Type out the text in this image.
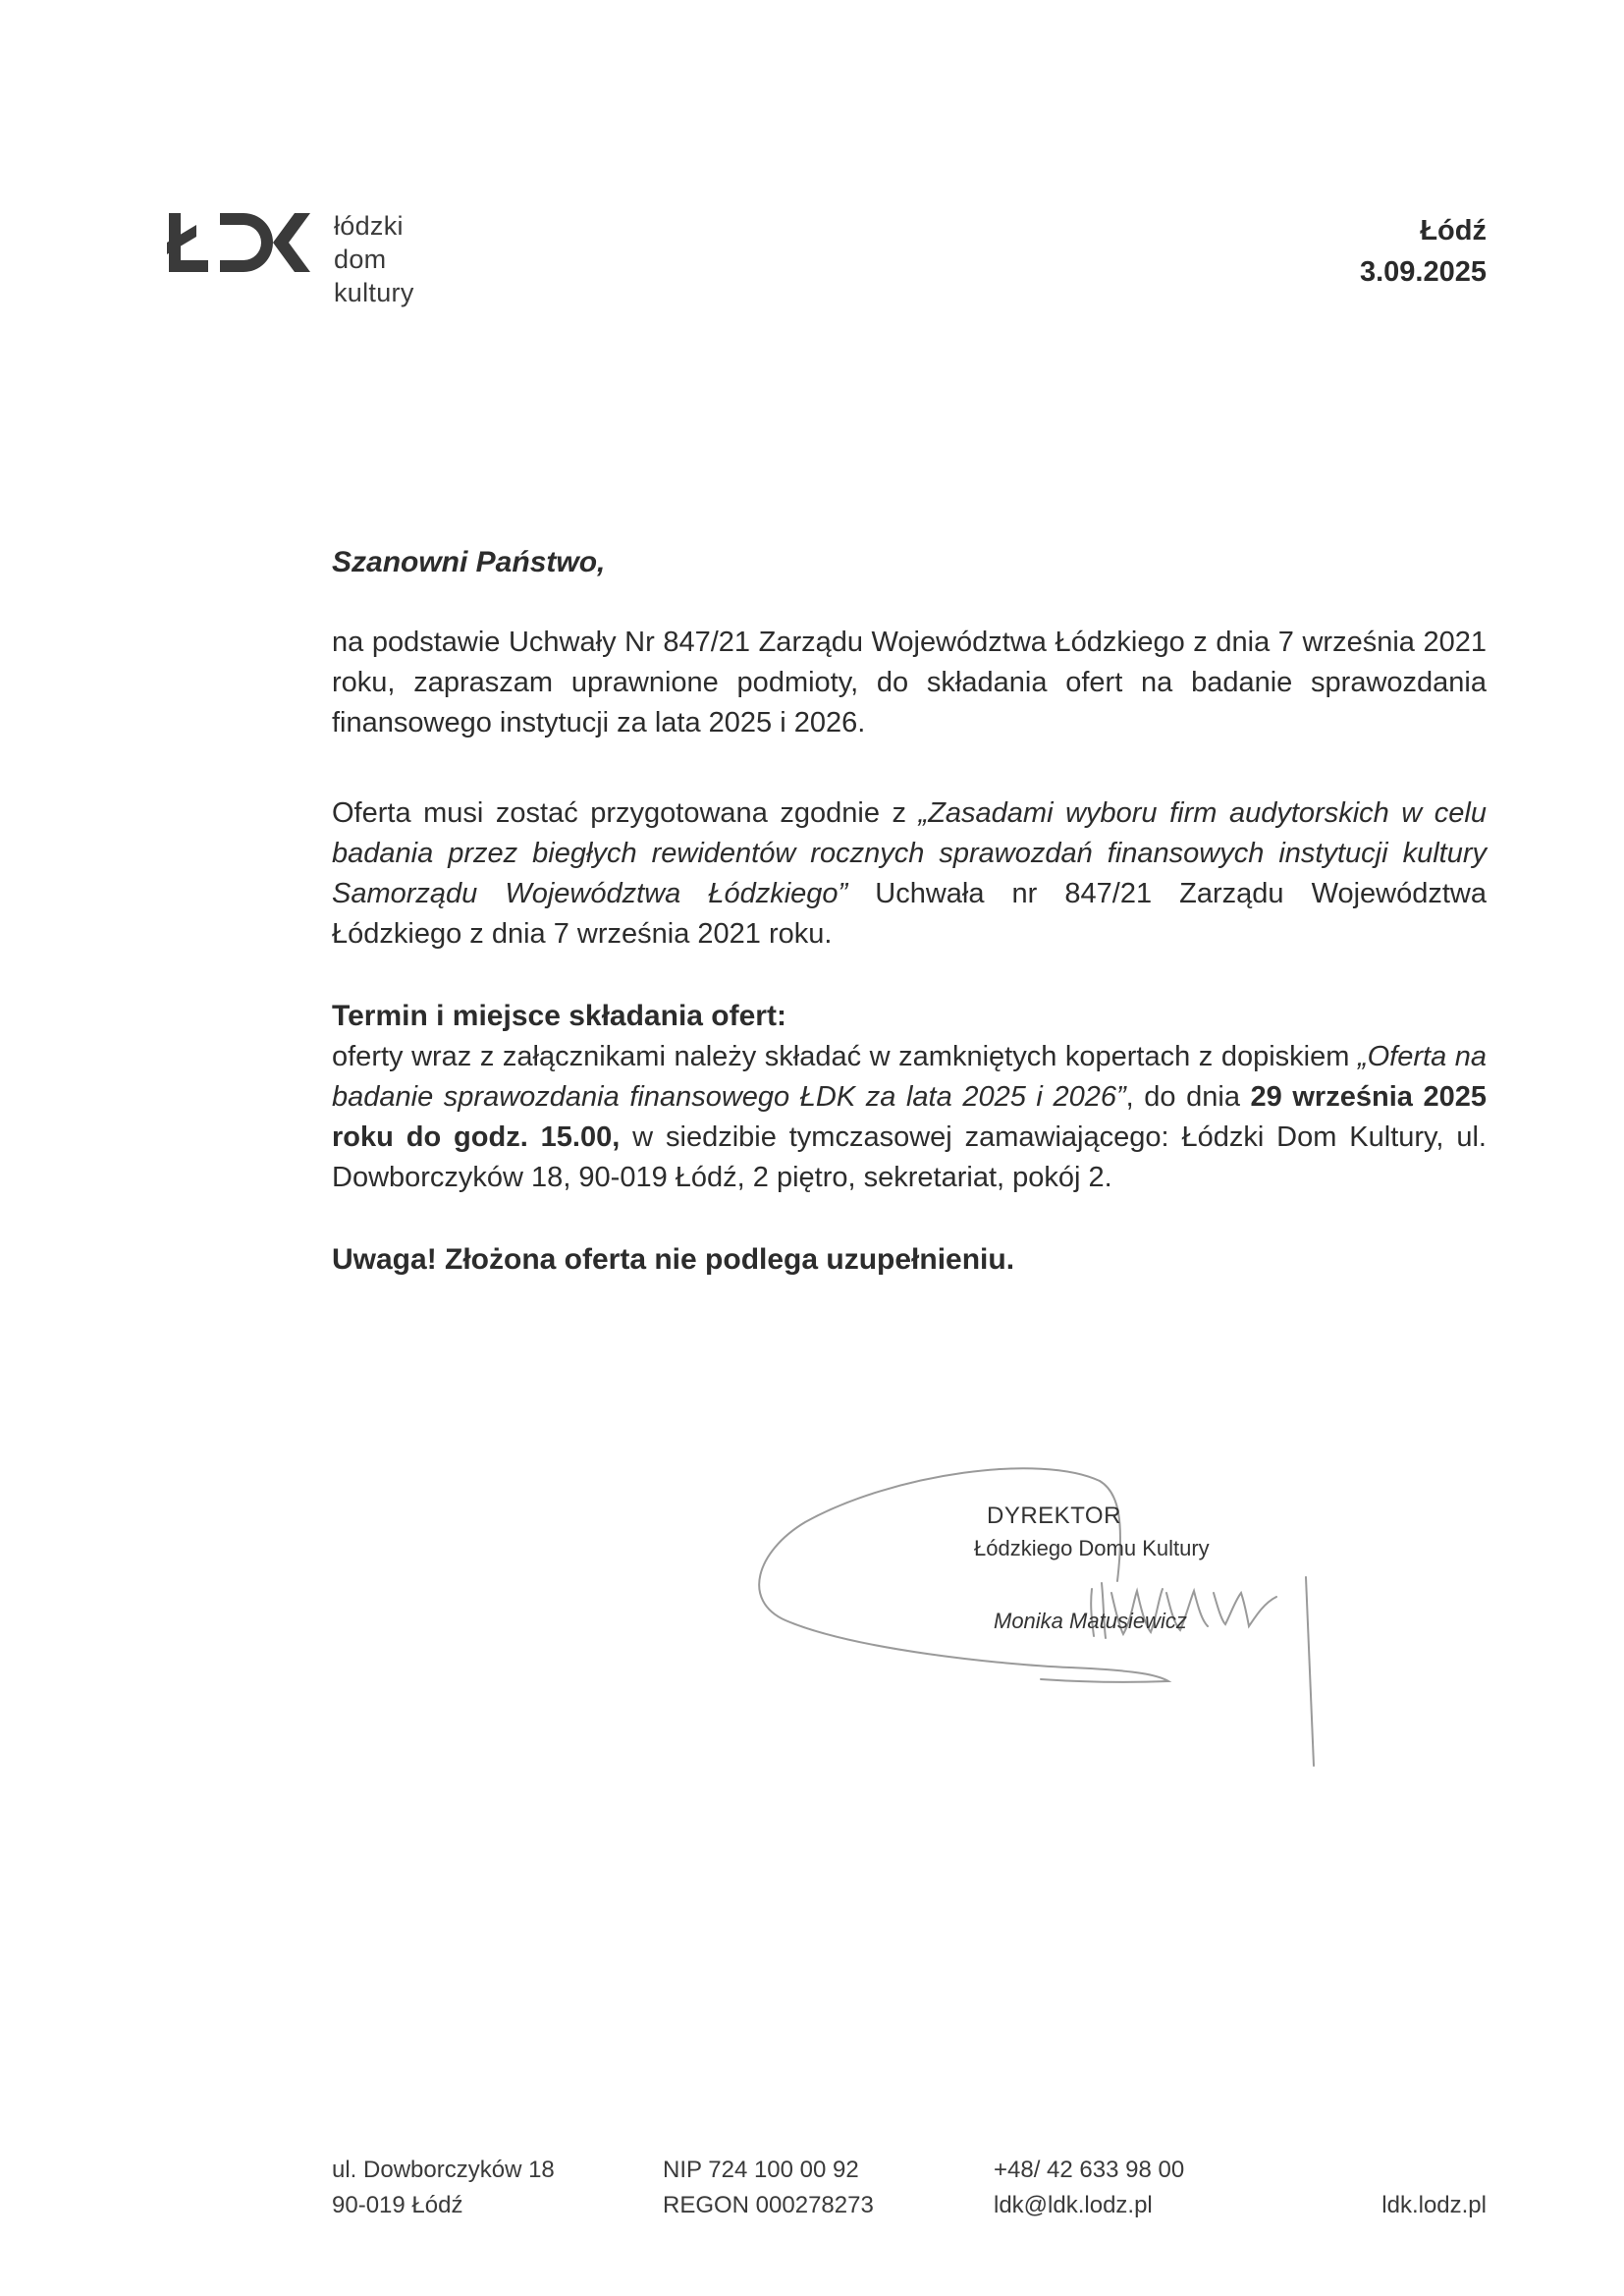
łódzki
dom kultury
Łódź
3.09.2025
Szanowni Państwo,
na podstawie Uchwały Nr 847/21 Zarządu Województwa Łódzkiego z dnia 7 września 2021 roku, zapraszam uprawnione podmioty, do składania ofert na badanie sprawozdania finansowego instytucji za lata 2025 i 2026.
Oferta musi zostać przygotowana zgodnie z „Zasadami wyboru firm audytorskich w celu badania przez biegłych rewidentów rocznych sprawozdań finansowych instytucji kultury Samorządu Województwa Łódzkiego” Uchwała nr 847/21 Zarządu Województwa Łódzkiego z dnia 7 września 2021 roku.
Termin i miejsce składania ofert:
oferty wraz z załącznikami należy składać w zamkniętych kopertach z dopiskiem „Oferta na badanie sprawozdania finansowego ŁDK za lata 2025 i 2026”, do dnia 29 września 2025 roku do godz. 15.00, w siedzibie tymczasowej zamawiającego: Łódzki Dom Kultury, ul. Dowborczyków 18, 90-019 Łódź, 2 piętro, sekretariat, pokój 2.
Uwaga! Złożona oferta nie podlega uzupełnieniu.
DYREKTOR
Łódzkiego Domu Kultury
Monika Matusiewicz
ul. Dowborczyków 18
90-019 Łódź
NIP 724 100 00 92
REGON 000278273
+48/ 42 633 98 00
ldk@ldk.lodz.pl	ldk.lodz.pl
